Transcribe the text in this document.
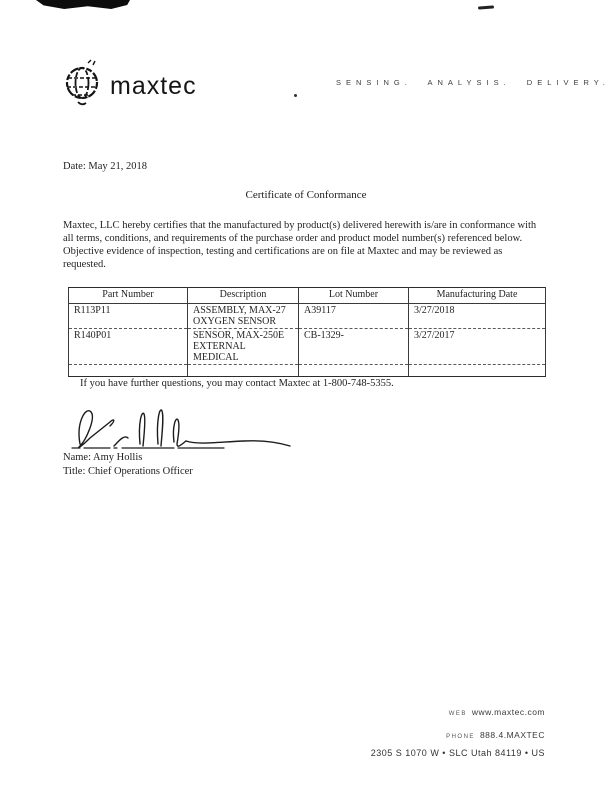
maxtec	SENSING. ANALYSIS. DELIVERY.
Date: May 21, 2018
Certificate of Conformance
Maxtec, LLC hereby certifies that the manufactured by product(s) delivered herewith is/are in conformance with all terms, conditions, and requirements of the purchase order and product model number(s) referenced below. Objective evidence of inspection, testing and certifications are on file at Maxtec and may be reviewed as requested.
Part Number	Description	Lot Number	Manufacturing Date
R113P11	ASSEMBLY, MAX-27 OXYGEN SENSOR	A39117	3/27/2018
R140P01	SENSOR, MAX-250E EXTERNAL MEDICAL	CB-1329-	3/27/2017

If you have further questions, you may contact Maxtec at 1-800-748-5355.
Name: Amy Hollis
Title: Chief Operations Officer
WEB www.maxtec.com
PHONE 888.4.MAXTEC
2305 S 1070 W • SLC Utah 84119 • US
